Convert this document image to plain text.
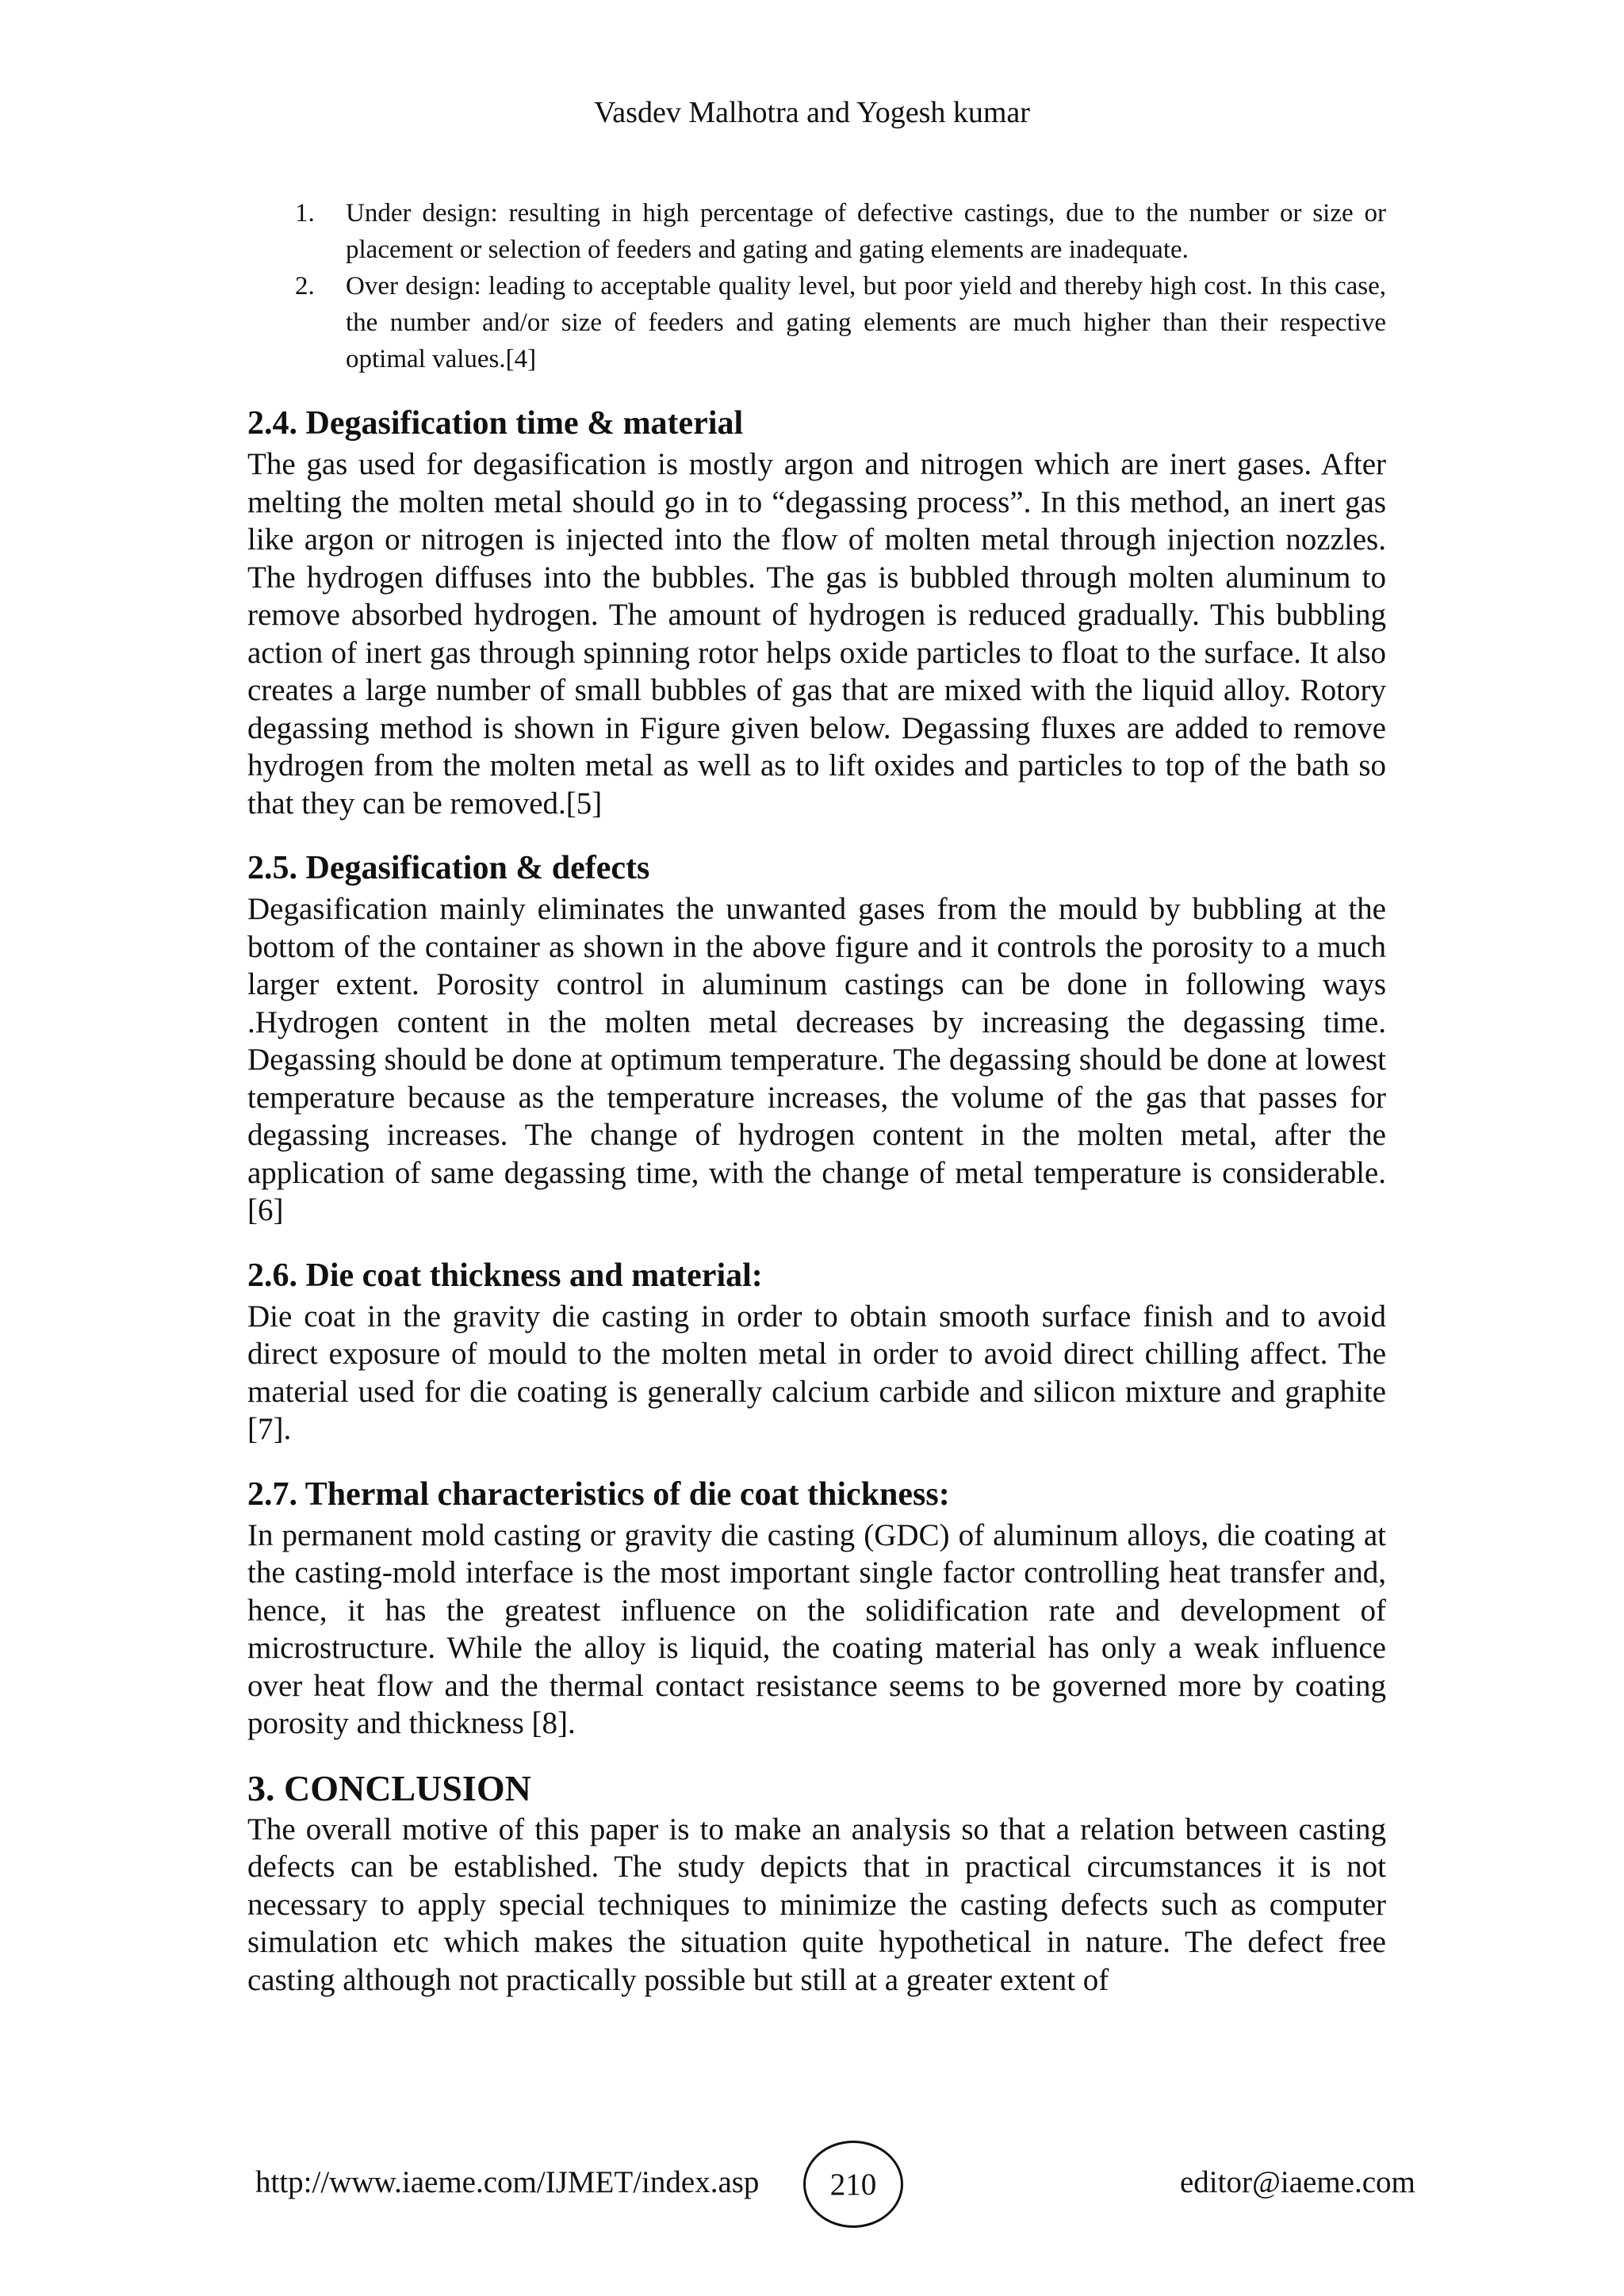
Vasdev Malhotra and Yogesh kumar
1. Under design: resulting in high percentage of defective castings, due to the number or size or placement or selection of feeders and gating and gating elements are inadequate.
2. Over design: leading to acceptable quality level, but poor yield and thereby high cost. In this case, the number and/or size of feeders and gating elements are much higher than their respective optimal values.[4]
2.4. Degasification time & material

The gas used for degasification is mostly argon and nitrogen which are inert gases. After melting the molten metal should go in to “degassing process”. In this method, an inert gas like argon or nitrogen is injected into the flow of molten metal through injection nozzles. The hydrogen diffuses into the bubbles. The gas is bubbled through molten aluminum to remove absorbed hydrogen. The amount of hydrogen is reduced gradually. This bubbling action of inert gas through spinning rotor helps oxide particles to float to the surface. It also creates a large number of small bubbles of gas that are mixed with the liquid alloy. Rotory degassing method is shown in Figure given below. Degassing fluxes are added to remove hydrogen from the molten metal as well as to lift oxides and particles to top of the bath so that they can be removed.[5]

2.5. Degasification & defects

Degasification mainly eliminates the unwanted gases from the mould by bubbling at the bottom of the container as shown in the above figure and it controls the porosity to a much larger extent. Porosity control in aluminum castings can be done in following ways .Hydrogen content in the molten metal decreases by increasing the degassing time. Degassing should be done at optimum temperature. The degassing should be done at lowest temperature because as the temperature increases, the volume of the gas that passes for degassing increases. The change of hydrogen content in the molten metal, after the application of same degassing time, with the change of metal temperature is considerable.[6]

2.6. Die coat thickness and material:

Die coat in the gravity die casting in order to obtain smooth surface finish and to avoid direct exposure of mould to the molten metal in order to avoid direct chilling affect. The material used for die coating is generally calcium carbide and silicon mixture and graphite [7].

2.7. Thermal characteristics of die coat thickness:

In permanent mold casting or gravity die casting (GDC) of aluminum alloys, die coating at the casting-mold interface is the most important single factor controlling heat transfer and, hence, it has the greatest influence on the solidification rate and development of microstructure. While the alloy is liquid, the coating material has only a weak influence over heat flow and the thermal contact resistance seems to be governed more by coating porosity and thickness [8].

3. CONCLUSION

The overall motive of this paper is to make an analysis so that a relation between casting defects can be established. The study depicts that in practical circumstances it is not necessary to apply special techniques to minimize the casting defects such as computer simulation etc which makes the situation quite hypothetical in nature. The defect free casting although not practically possible but still at a greater extent of

http://www.iaeme.com/IJMET/index.asp 210	editor@iaeme.com
